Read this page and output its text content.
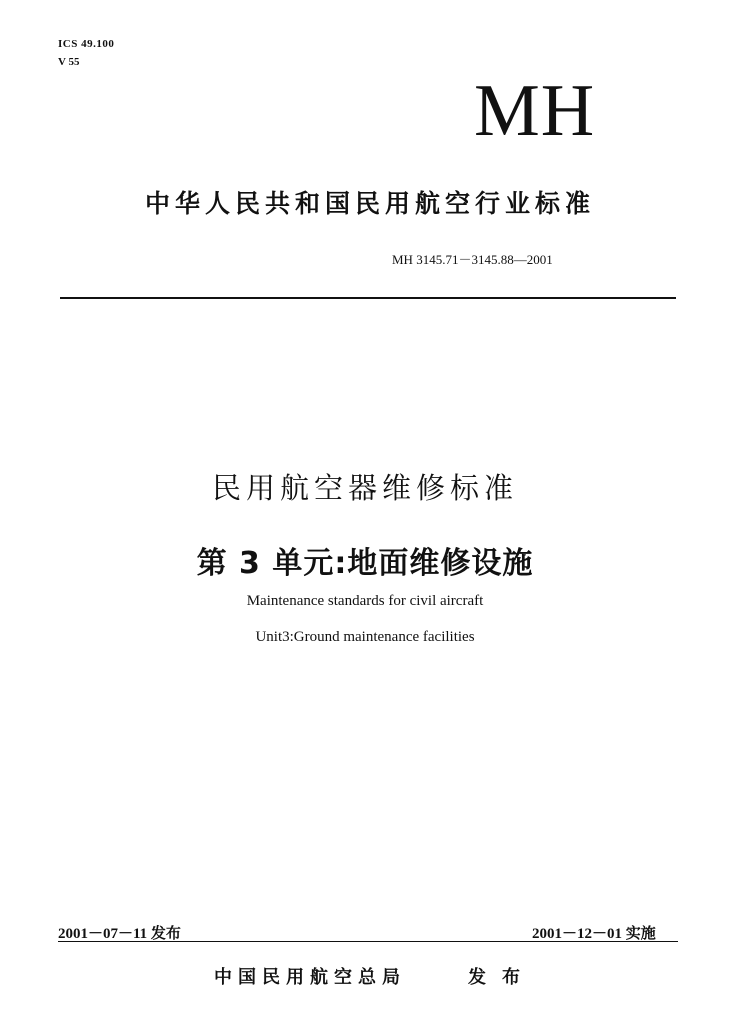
ICS 49.100
V 55
MH
中华人民共和国民用航空行业标准
MH 3145.71－3145.88—2001
民用航空器维修标准
第 3 单元:地面维修设施
Maintenance standards for civil aircraft
Unit3:Ground maintenance facilities
2001－07－11 发布	2001－12－01 实施
中国民用航空总局	发布
